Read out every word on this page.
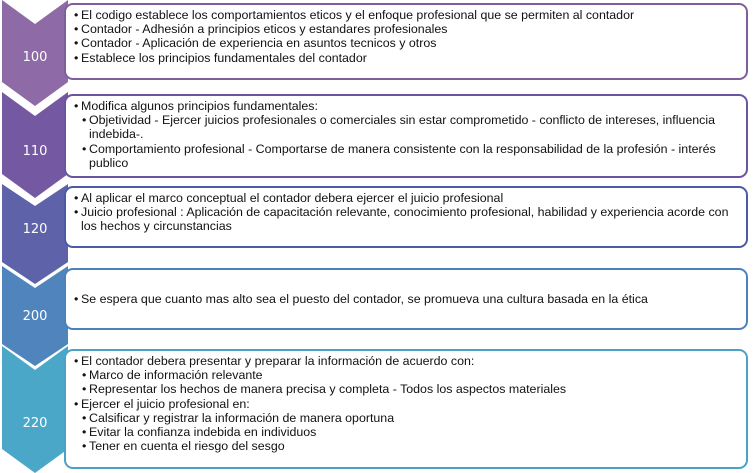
100
• El codigo establece los comportamientos eticos y el enfoque profesional que se permiten al contador
• Contador - Adhesión a principios eticos y estandares profesionales
• Contador - Aplicación de experiencia en asuntos tecnicos y otros
• Establece los principios fundamentales del contador
110
• Modifica algunos principios fundamentales:
• Objetividad - Ejercer juicios profesionales o comerciales sin estar comprometido - conflicto de intereses, influencia indebida-.
• Comportamiento profesional - Comportarse de manera consistente con la responsabilidad de la profesión - interés publico
120
• Al aplicar el marco conceptual el contador debera ejercer el juicio profesional
• Juicio profesional : Aplicación de capacitación relevante, conocimiento profesional, habilidad y experiencia acorde con los hechos y circunstancias
200
• Se espera que cuanto mas alto sea el puesto del contador, se promueva una cultura basada en la ética
220
• El contador debera presentar y preparar la información de acuerdo con:
• Marco de información relevante
• Representar los hechos de manera precisa y completa - Todos los aspectos materiales
• Ejercer el juicio profesional en:
• Calsificar y registrar la información de manera oportuna
• Evitar la confianza indebida en individuos
• Tener en cuenta el riesgo del sesgo
